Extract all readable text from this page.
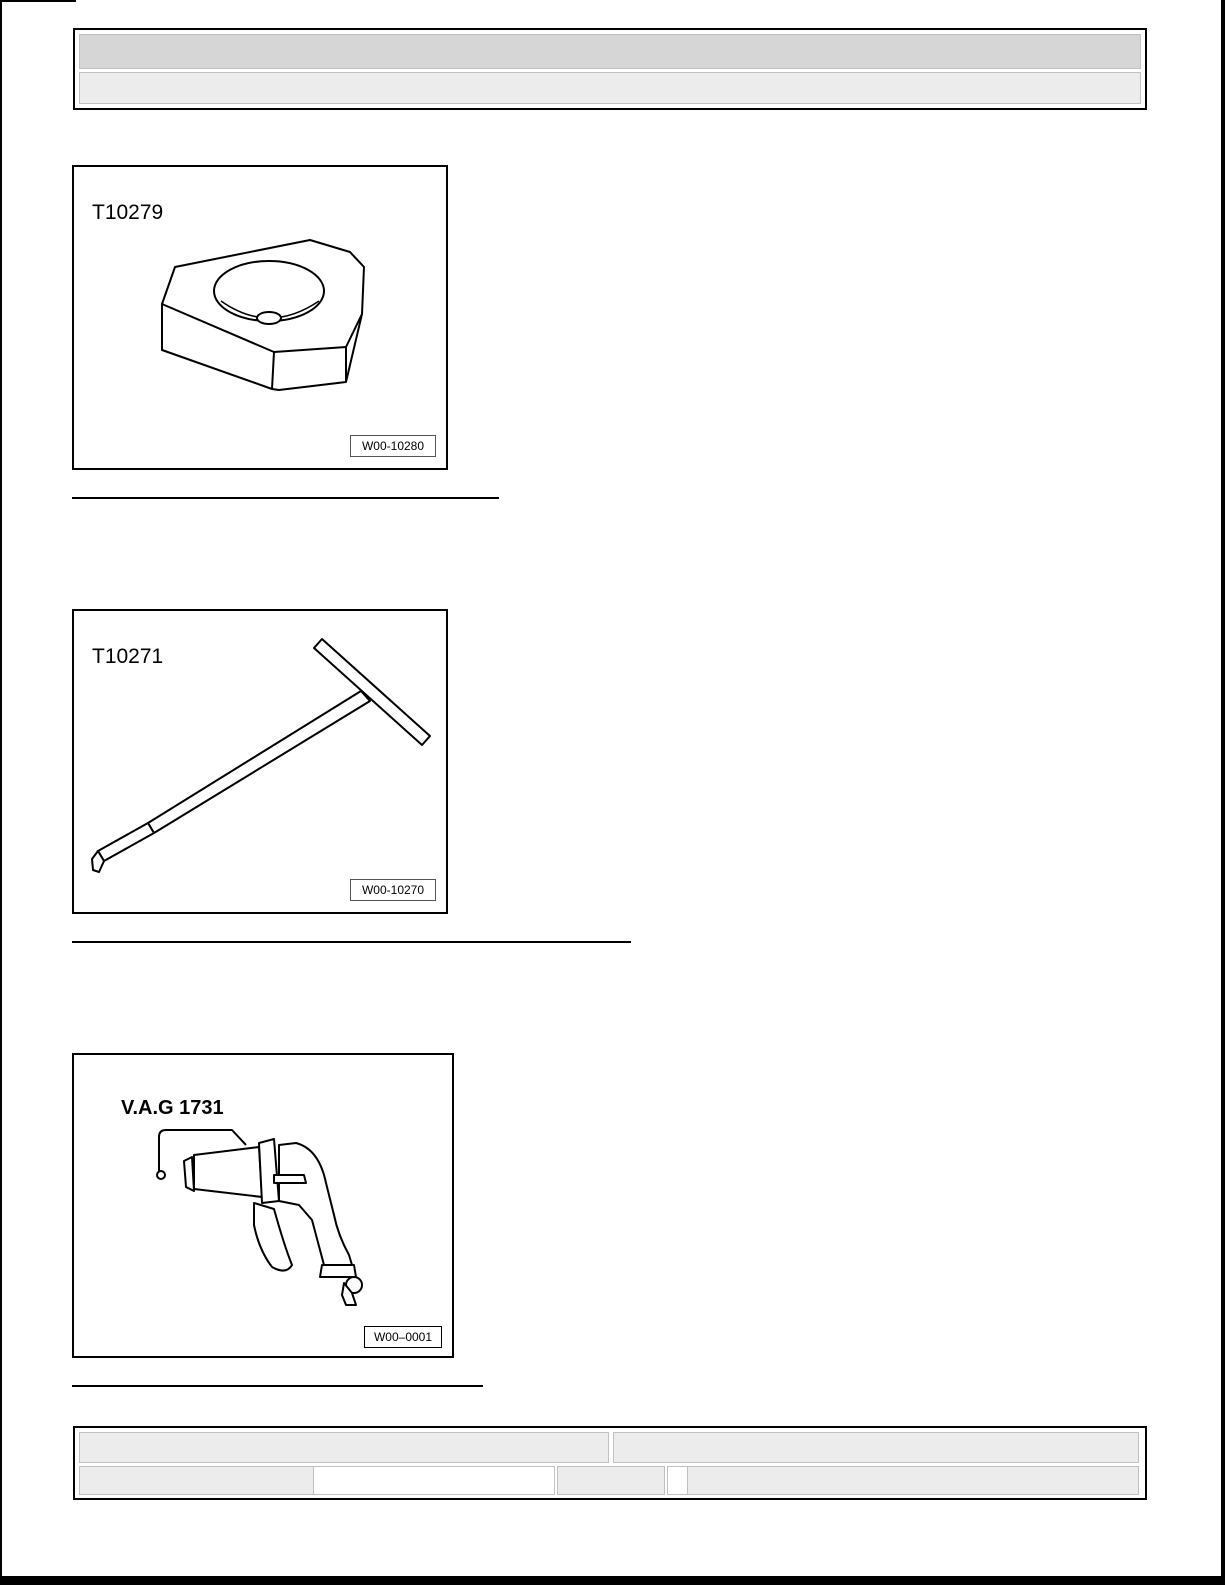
T10279
W00-10280
T10271
W00-10270
V.A.G 1731
W00–0001
